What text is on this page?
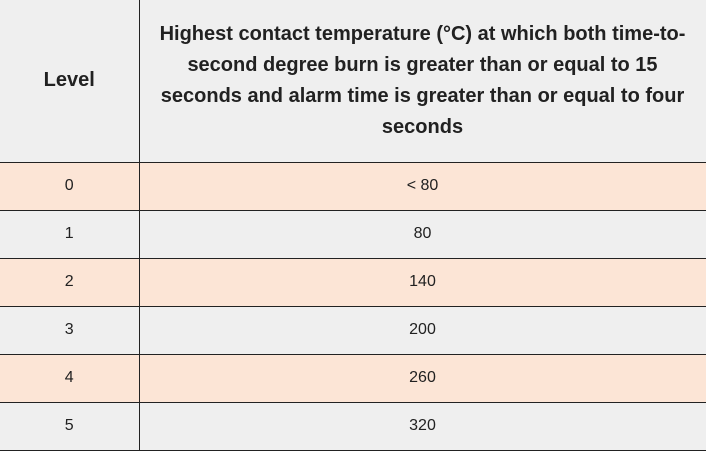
Level	Highest contact temperature (°C) at which both time-to-second degree burn is greater than or equal to 15 seconds and alarm time is greater than or equal to four seconds
0	< 80
1	80
2	140
3	200
4	260
5	320
